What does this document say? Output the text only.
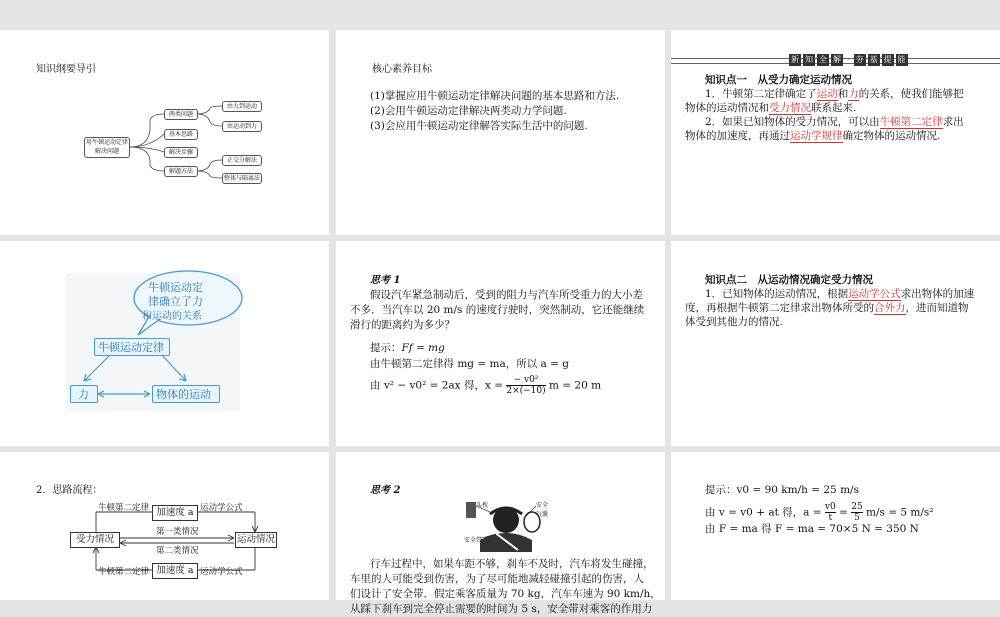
知识纲要导引
用牛顿运动定律解决问题
两类问题
基本思路
解决步骤
解题方法
由力到运动
由运动到力
正交分解法
整体与隔离法
核心素养目标
(1)掌握应用牛顿运动定律解决问题的基本思路和方法.
(2)会用牛顿运动定律解决两类动力学问题.
(3)会应用牛顿运动定律解答实际生活中的问题.
新 知 全 解 · 夯 基 提 能
知识点一　从受力确定运动情况
1．牛顿第二定律确定了运动和力的关系，使我们能够把
物体的运动情况和受力情况联系起来.
2．如果已知物体的受力情况，可以由牛顿第二定律求出
物体的加速度，再通过运动学规律确定物体的运动情况.
牛顿运动定
律确立了力
和运动的关系
牛顿运动定律
力	物体的运动
思考 1
假设汽车紧急制动后，受到的阻力与汽车所受重力的大小差
不多．当汽车以 20 m/s 的速度行驶时，突然制动，它还能继续
滑行的距离约为多少？
提示：Ff = mg
由牛顿第二定律得 mg = ma，所以 a = g
由 v² − v0² = 2ax 得，$x = \frac{\text{− v0²}}{2\times(-10)}$ m = 20 m
知识点二　从运动情况确定受力情况
1．已知物体的运动情况，根据运动学公式求出物体的加速
度，再根据牛顿第二定律求出物体所受的合外力，进而知道物
体受到其他力的情况.
2．思路流程：
受力情况	运动情况
加速度 a
加速度 a
牛顿第二定律	运动学公式
第一类情况
第二类情况
牛顿第二定律	运动学公式
思考 2
头枕	安全气囊
安全带
行车过程中，如果车距不够，刹车不及时，汽车将发生碰撞，
车里的人可能受到伤害，为了尽可能地减轻碰撞引起的伤害，人
们设计了安全带．假定乘客质量为 70 kg，汽车车速为 90 km/h，
从踩下刹车到完全停止需要的时间为 5 s，安全带对乘客的作用力
提示：v0 = 90 km/h = 25 m/s
由 v = v0 + at 得，$a = \frac{v0}{t} = \frac{25}{5} m/s = 5$ m/s²
由 F = ma 得 F = ma = 70×5 N = 350 N
